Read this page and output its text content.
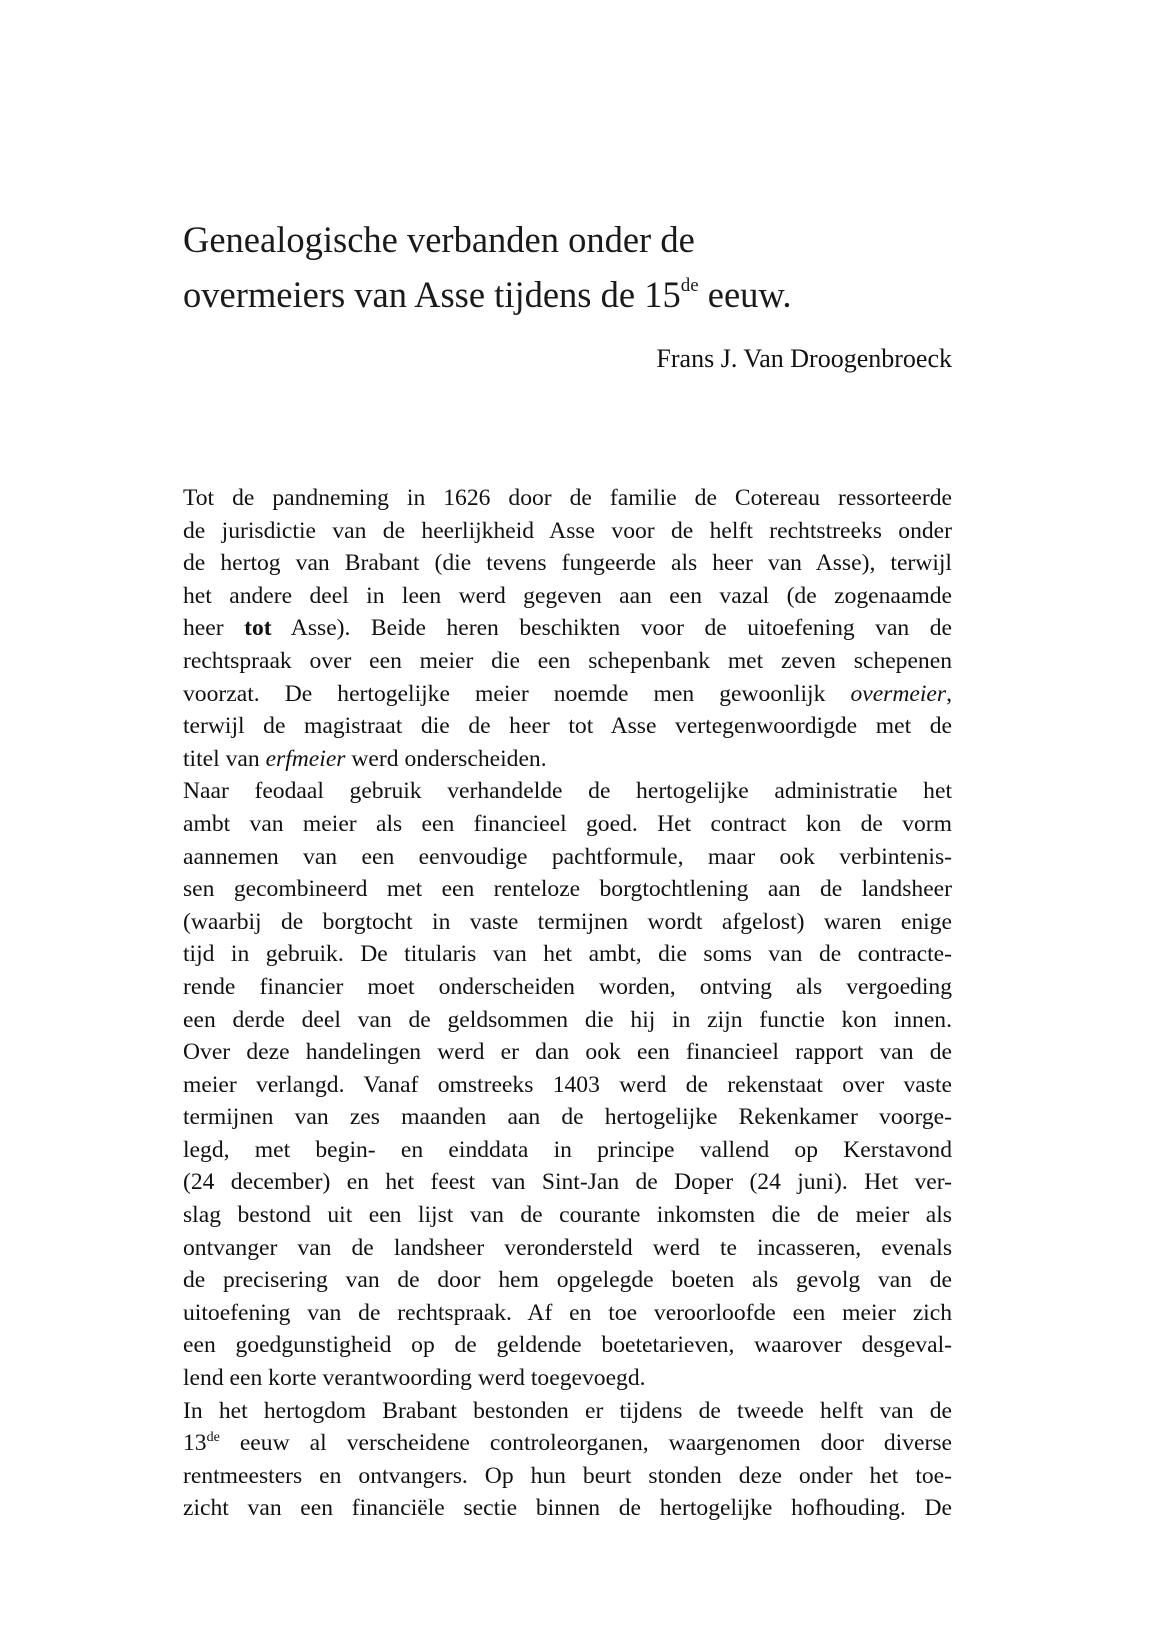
Genealogische verbanden onder de
overmeiers van Asse tijdens de 15de eeuw.

Frans J. Van Droogenbroeck

Tot de pandneming in 1626 door de familie de Cotereau ressorteerde
de jurisdictie van de heerlijkheid Asse voor de helft rechtstreeks onder
de hertog van Brabant (die tevens fungeerde als heer van Asse), terwijl
het andere deel in leen werd gegeven aan een vazal (de zogenaamde
heer tot Asse). Beide heren beschikten voor de uitoefening van de
rechtspraak over een meier die een schepenbank met zeven schepenen
voorzat. De hertogelijke meier noemde men gewoonlijk overmeier,
terwijl de magistraat die de heer tot Asse vertegenwoordigde met de
titel van erfmeier werd onderscheiden.
Naar feodaal gebruik verhandelde de hertogelijke administratie het
ambt van meier als een financieel goed. Het contract kon de vorm
aannemen van een eenvoudige pachtformule, maar ook verbintenis-
sen gecombineerd met een renteloze borgtochtlening aan de landsheer
(waarbij de borgtocht in vaste termijnen wordt afgelost) waren enige
tijd in gebruik. De titularis van het ambt, die soms van de contracte-
rende financier moet onderscheiden worden, ontving als vergoeding
een derde deel van de geldsommen die hij in zijn functie kon innen.
Over deze handelingen werd er dan ook een financieel rapport van de
meier verlangd. Vanaf omstreeks 1403 werd de rekenstaat over vaste
termijnen van zes maanden aan de hertogelijke Rekenkamer voorge-
legd, met begin- en einddata in principe vallend op Kerstavond
(24 december) en het feest van Sint-Jan de Doper (24 juni). Het ver-
slag bestond uit een lijst van de courante inkomsten die de meier als
ontvanger van de landsheer verondersteld werd te incasseren, evenals
de precisering van de door hem opgelegde boeten als gevolg van de
uitoefening van de rechtspraak. Af en toe veroorloofde een meier zich
een goedgunstigheid op de geldende boetetarieven, waarover desgeval-
lend een korte verantwoording werd toegevoegd.
In het hertogdom Brabant bestonden er tijdens de tweede helft van de
13de eeuw al verscheidene controleorganen, waargenomen door diverse
rentmeesters en ontvangers. Op hun beurt stonden deze onder het toe-
zicht van een financiële sectie binnen de hertogelijke hofhouding. De
